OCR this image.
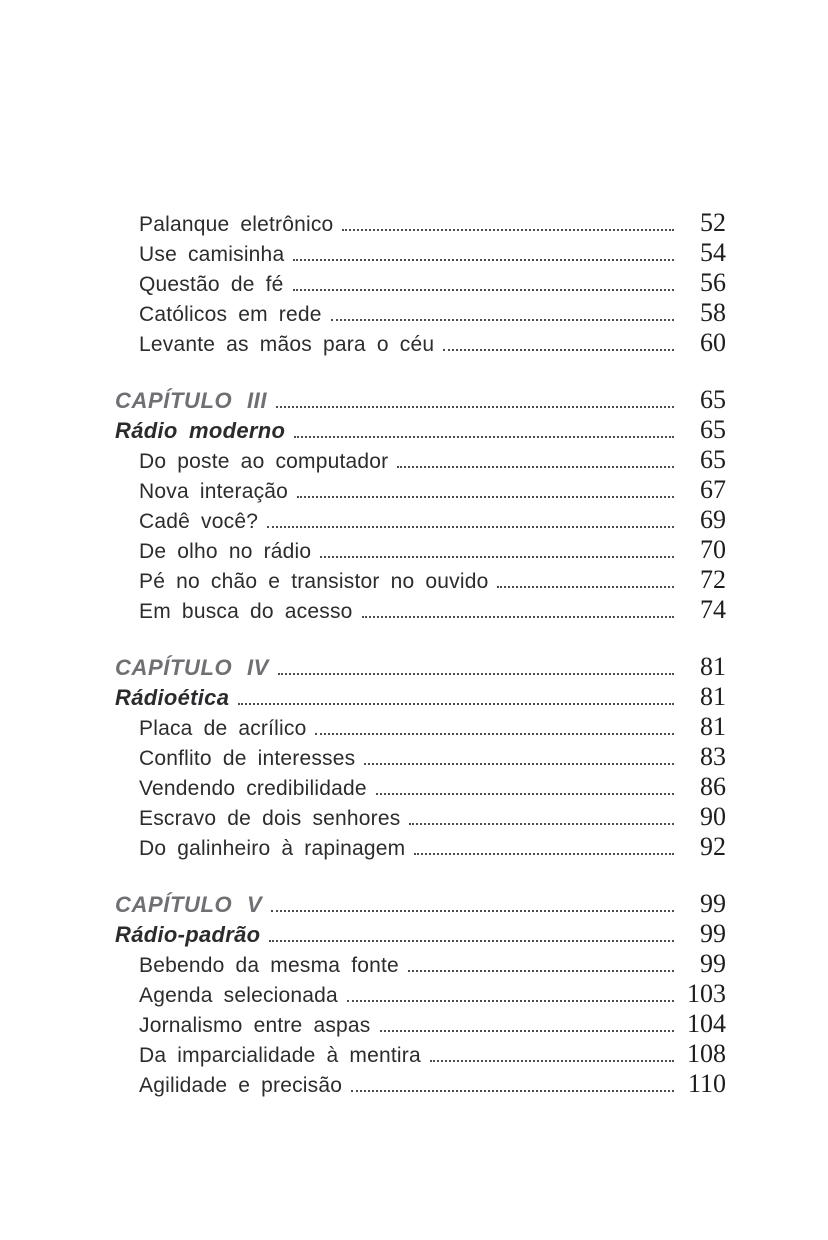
Palanque eletrônico	52
Use camisinha	54
Questão de fé	56
Católicos em rede	58
Levante as mãos para o céu	60
CAPÍTULO III	65
Rádio moderno	65
Do poste ao computador	65
Nova interação	67
Cadê você?	69
De olho no rádio	70
Pé no chão e transistor no ouvido	72
Em busca do acesso	74
CAPÍTULO IV	81
Rádioética	81
Placa de acrílico	81
Conflito de interesses	83
Vendendo credibilidade	86
Escravo de dois senhores	90
Do galinheiro à rapinagem	92
CAPÍTULO V	99
Rádio-padrão	99
Bebendo da mesma fonte	99
Agenda selecionada	103
Jornalismo entre aspas	104
Da imparcialidade à mentira	108
Agilidade e precisão	110
